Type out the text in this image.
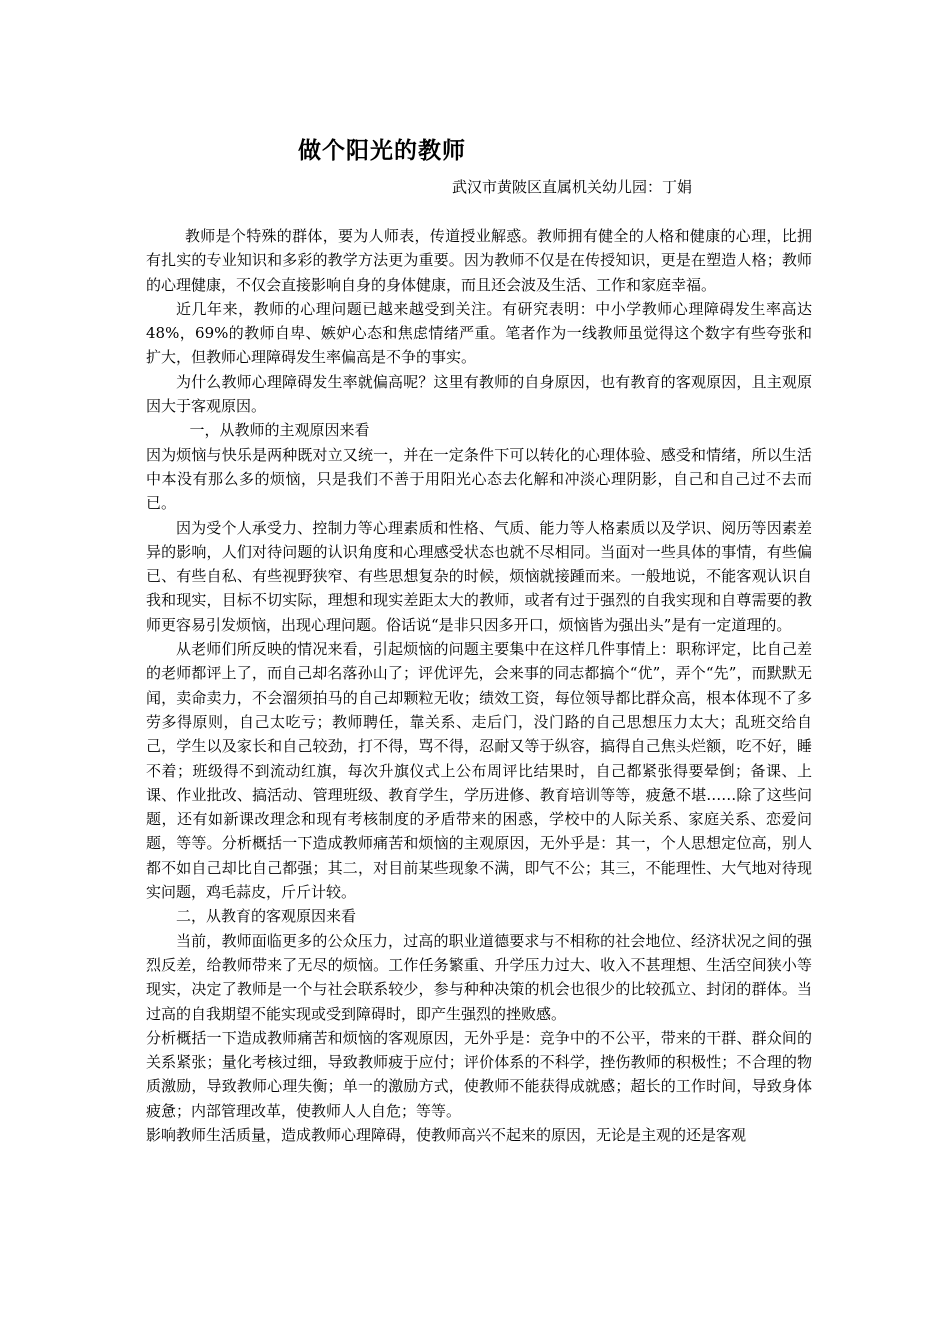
做个阳光的教师
武汉市黄陂区直属机关幼儿园：丁娟

教师是个特殊的群体，要为人师表，传道授业解惑。教师拥有健全的人格和健康的心理，比拥有扎实的专业知识和多彩的教学方法更为重要。因为教师不仅是在传授知识，更是在塑造人格；教师的心理健康，不仅会直接影响自身的身体健康，而且还会波及生活、工作和家庭幸福。

近几年来，教师的心理问题已越来越受到关注。有研究表明：中小学教师心理障碍发生率高达48%，69%的教师自卑、嫉妒心态和焦虑情绪严重。笔者作为一线教师虽觉得这个数字有些夸张和扩大，但教师心理障碍发生率偏高是不争的事实。

为什么教师心理障碍发生率就偏高呢？这里有教师的自身原因，也有教育的客观原因，且主观原因大于客观原因。

一，从教师的主观原因来看

因为烦恼与快乐是两种既对立又统一，并在一定条件下可以转化的心理体验、感受和情绪，所以生活中本没有那么多的烦恼，只是我们不善于用阳光心态去化解和冲淡心理阴影，自己和自己过不去而已。

因为受个人承受力、控制力等心理素质和性格、气质、能力等人格素质以及学识、阅历等因素差异的影响，人们对待问题的认识角度和心理感受状态也就不尽相同。当面对一些具体的事情，有些偏已、有些自私、有些视野狭窄、有些思想复杂的时候，烦恼就接踵而来。一般地说，不能客观认识自我和现实，目标不切实际，理想和现实差距太大的教师，或者有过于强烈的自我实现和自尊需要的教师更容易引发烦恼，出现心理问题。俗话说“是非只因多开口，烦恼皆为强出头”是有一定道理的。

从老师们所反映的情况来看，引起烦恼的问题主要集中在这样几件事情上：职称评定，比自己差的老师都评上了，而自己却名落孙山了；评优评先，会来事的同志都搞个“优”，弄个“先”，而默默无闻，卖命卖力，不会溜须拍马的自己却颗粒无收；绩效工资，每位领导都比群众高，根本体现不了多劳多得原则，自己太吃亏；教师聘任，靠关系、走后门，没门路的自己思想压力太大；乱班交给自己，学生以及家长和自己较劲，打不得，骂不得，忍耐又等于纵容，搞得自己焦头烂额，吃不好，睡不着；班级得不到流动红旗，每次升旗仪式上公布周评比结果时，自己都紧张得要晕倒；备课、上课、作业批改、搞活动、管理班级、教育学生，学历进修、教育培训等等，疲惫不堪……除了这些问题，还有如新课改理念和现有考核制度的矛盾带来的困惑，学校中的人际关系、家庭关系、恋爱问题，等等。分析概括一下造成教师痛苦和烦恼的主观原因，无外乎是：其一，个人思想定位高，别人都不如自己却比自己都强；其二，对目前某些现象不满，即气不公；其三，不能理性、大气地对待现实问题，鸡毛蒜皮，斤斤计较。

二，从教育的客观原因来看

当前，教师面临更多的公众压力，过高的职业道德要求与不相称的社会地位、经济状况之间的强烈反差，给教师带来了无尽的烦恼。工作任务繁重、升学压力过大、收入不甚理想、生活空间狭小等现实，决定了教师是一个与社会联系较少，参与种种决策的机会也很少的比较孤立、封闭的群体。当过高的自我期望不能实现或受到障碍时，即产生强烈的挫败感。

分析概括一下造成教师痛苦和烦恼的客观原因，无外乎是：竞争中的不公平，带来的干群、群众间的关系紧张；量化考核过细，导致教师疲于应付；评价体系的不科学，挫伤教师的积极性；不合理的物质激励，导致教师心理失衡；单一的激励方式，使教师不能获得成就感；超长的工作时间，导致身体疲惫；内部管理改革，使教师人人自危；等等。

影响教师生活质量，造成教师心理障碍，使教师高兴不起来的原因，无论是主观的还是客观
